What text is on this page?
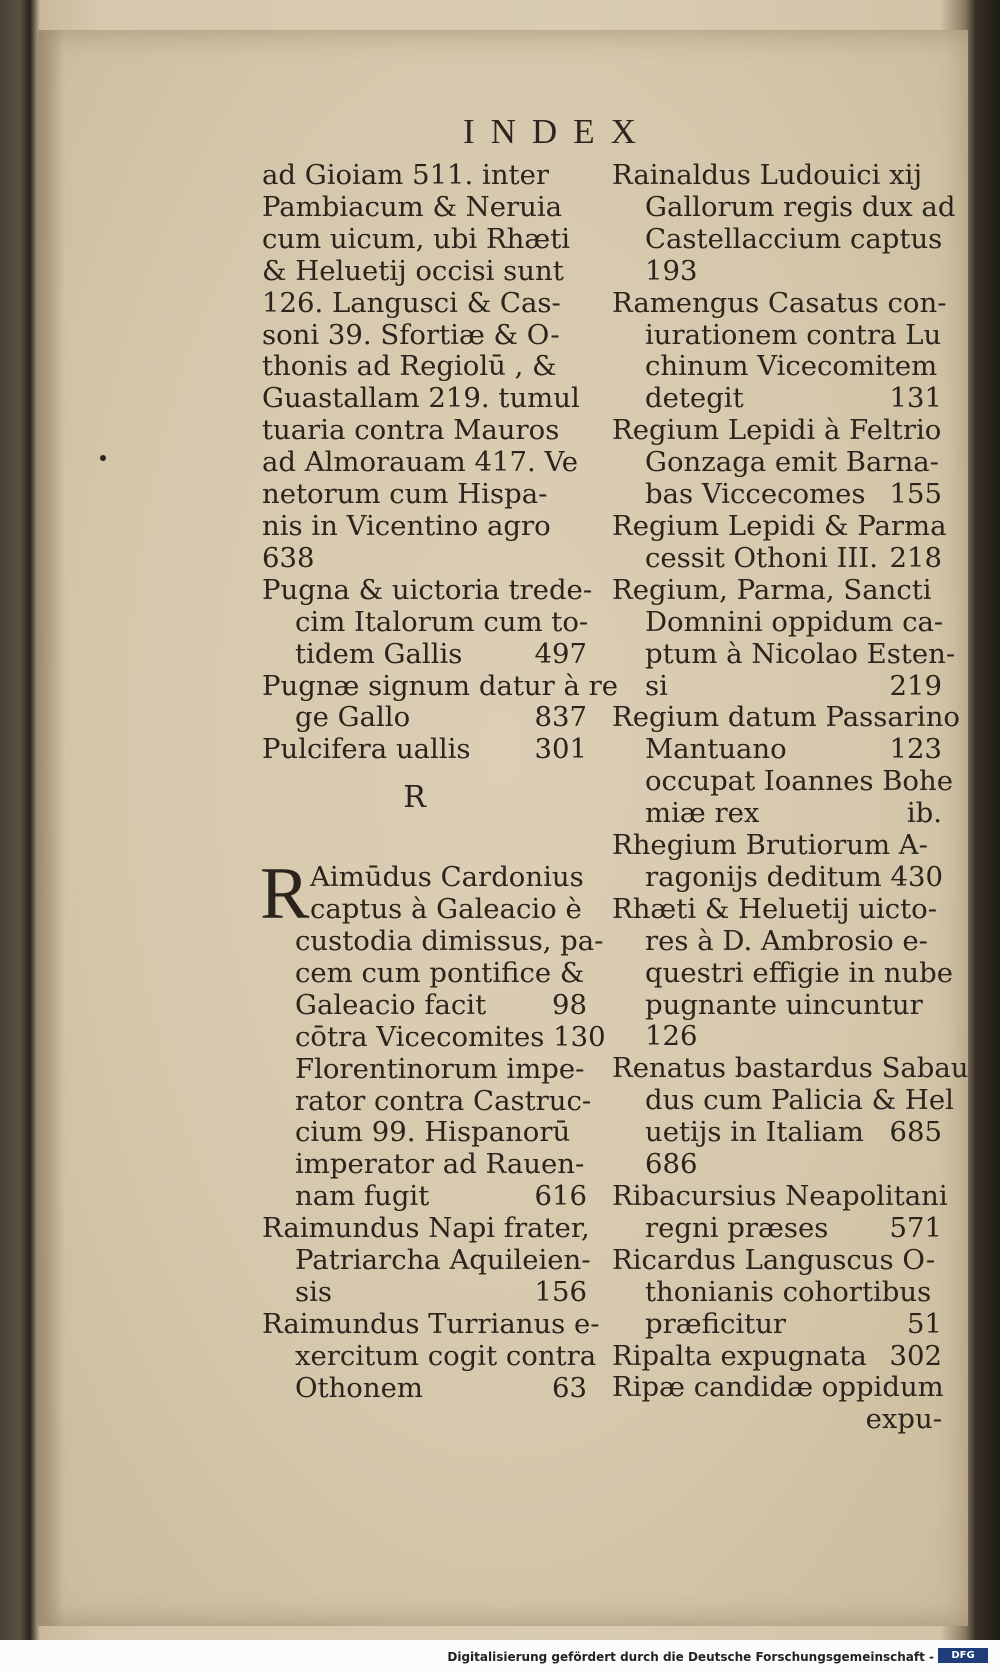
INDEX
ad Gioiam 511. inter
Pambiacum & Neruia
cum uicum, ubi Rhæti
& Heluetij occisi sunt
126. Langusci & Cas-
soni 39. Sfortiæ & O-
thonis ad Regiolū , &
Guastallam 219. tumul
tuaria contra Mauros
ad Almorauam 417. Ve
netorum cum Hispa-
nis in Vicentino agro
638
Pugna & uictoria trede-
cim Italorum cum to-
tidem Gallis	497
Pugnæ signum datur à re
ge Gallo	837
Pulcifera uallis 301
R
R Aimūdus Cardonius
captus à Galeacio è
custodia dimissus, pa-
cem cum pontifice &
Galeacio facit 98
cōtra Vicecomites 130
Florentinorum impe-
rator contra Castruc-
cium 99. Hispanorū
imperator ad Rauen-
nam fugit	616
Raimundus Napi frater,
Patriarcha Aquileien-
sis	156
Raimundus Turrianus e-
xercitum cogit contra
Othonem	63
Rainaldus Ludouici xij
Gallorum regis dux ad
Castellaccium captus
193
Ramengus Casatus con-
iurationem contra Lu
chinum Vicecomitem
detegit	131
Regium Lepidi à Feltrio
Gonzaga emit Barna-
bas Viccecomes 155
Regium Lepidi & Parma
cessit Othoni III. 218
Regium, Parma, Sancti
Domnini oppidum ca-
ptum à Nicolao Esten-
si	219
Regium datum Passarino
Mantuano	123
occupat Ioannes Bohe
miæ rex	ib.
Rhegium Brutiorum A-
ragonijs deditum 430
Rhæti & Heluetij uicto-
res à D. Ambrosio e-
questri effigie in nube
pugnante uincuntur
126
Renatus bastardus Sabau
dus cum Palicia & Hel
uetijs in Italiam 685
686
Ribacursius Neapolitani
regni præses 571
Ricardus Languscus O-
thonianis cohortibus
præficitur	51
Ripalta expugnata 302
Ripæ candidæ oppidum
expu-
Digitalisierung gefördert durch die Deutsche Forschungsgemeinschaft -	DFG
